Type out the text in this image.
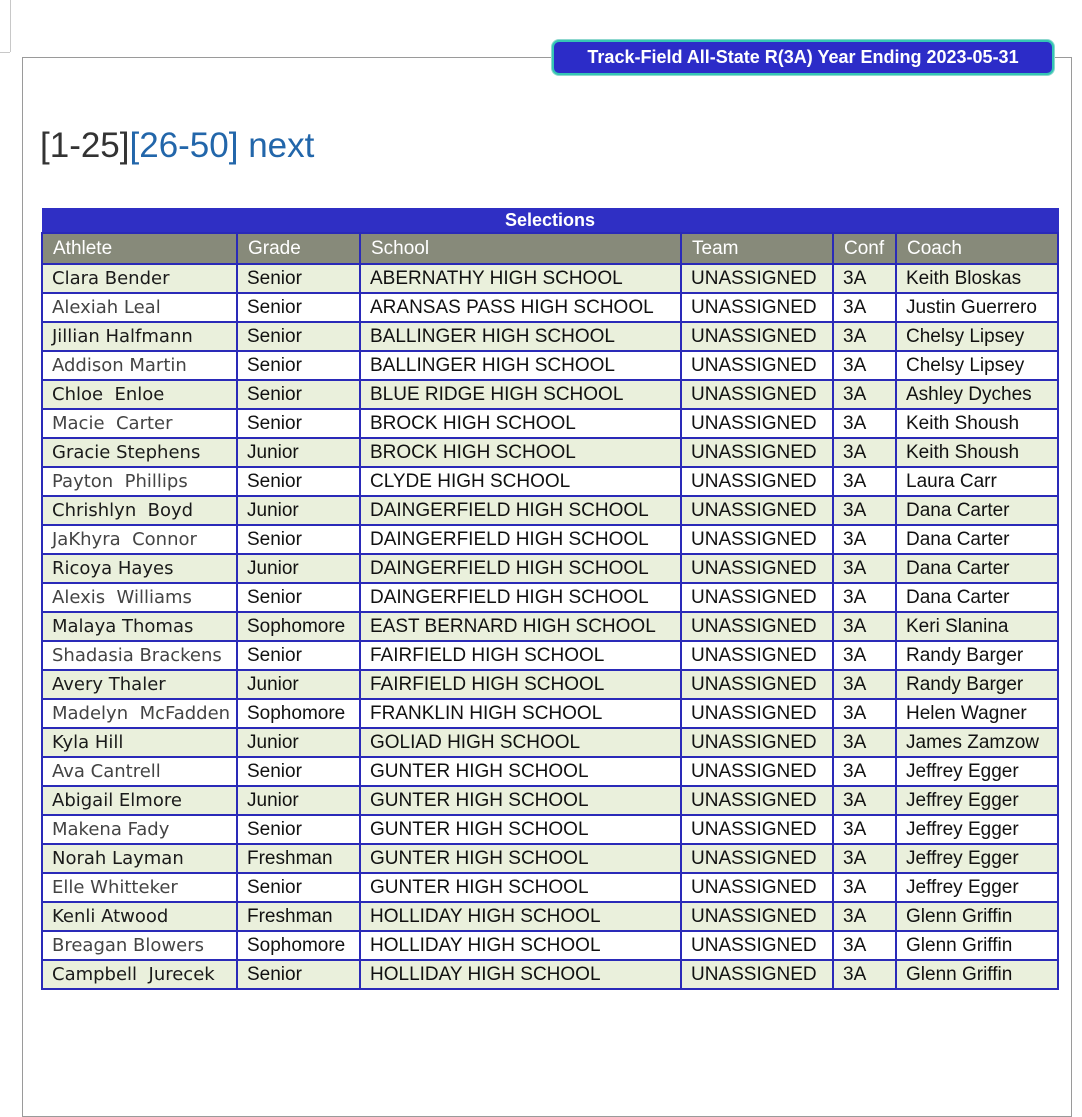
Track-Field All-State R(3A) Year Ending 2023-05-31
[1-25][26-50] next
Selections					
Athlete	Grade	School	Team	Conf	Coach
Clara Bender	Senior	ABERNATHY HIGH SCHOOL	UNASSIGNED	3A	Keith Bloskas
Alexiah Leal	Senior	ARANSAS PASS HIGH SCHOOL	UNASSIGNED	3A	Justin Guerrero
Jillian Halfmann	Senior	BALLINGER HIGH SCHOOL	UNASSIGNED	3A	Chelsy Lipsey
Addison Martin	Senior	BALLINGER HIGH SCHOOL	UNASSIGNED	3A	Chelsy Lipsey
Chloe  Enloe	Senior	BLUE RIDGE HIGH SCHOOL	UNASSIGNED	3A	Ashley Dyches
Macie  Carter	Senior	BROCK HIGH SCHOOL	UNASSIGNED	3A	Keith Shoush
Gracie Stephens	Junior	BROCK HIGH SCHOOL	UNASSIGNED	3A	Keith Shoush
Payton  Phillips	Senior	CLYDE HIGH SCHOOL	UNASSIGNED	3A	Laura Carr
Chrishlyn  Boyd	Junior	DAINGERFIELD HIGH SCHOOL	UNASSIGNED	3A	Dana Carter
JaKhyra  Connor	Senior	DAINGERFIELD HIGH SCHOOL	UNASSIGNED	3A	Dana Carter
Ricoya Hayes	Junior	DAINGERFIELD HIGH SCHOOL	UNASSIGNED	3A	Dana Carter
Alexis  Williams	Senior	DAINGERFIELD HIGH SCHOOL	UNASSIGNED	3A	Dana Carter
Malaya Thomas	Sophomore	EAST BERNARD HIGH SCHOOL	UNASSIGNED	3A	Keri Slanina
Shadasia Brackens	Senior	FAIRFIELD HIGH SCHOOL	UNASSIGNED	3A	Randy Barger
Avery Thaler	Junior	FAIRFIELD HIGH SCHOOL	UNASSIGNED	3A	Randy Barger
Madelyn  McFadden	Sophomore	FRANKLIN HIGH SCHOOL	UNASSIGNED	3A	Helen Wagner
Kyla Hill	Junior	GOLIAD HIGH SCHOOL	UNASSIGNED	3A	James Zamzow
Ava Cantrell	Senior	GUNTER HIGH SCHOOL	UNASSIGNED	3A	Jeffrey Egger
Abigail Elmore	Junior	GUNTER HIGH SCHOOL	UNASSIGNED	3A	Jeffrey Egger
Makena Fady	Senior	GUNTER HIGH SCHOOL	UNASSIGNED	3A	Jeffrey Egger
Norah Layman	Freshman	GUNTER HIGH SCHOOL	UNASSIGNED	3A	Jeffrey Egger
Elle Whitteker	Senior	GUNTER HIGH SCHOOL	UNASSIGNED	3A	Jeffrey Egger
Kenli Atwood	Freshman	HOLLIDAY HIGH SCHOOL	UNASSIGNED	3A	Glenn Griffin
Breagan Blowers	Sophomore	HOLLIDAY HIGH SCHOOL	UNASSIGNED	3A	Glenn Griffin
Campbell  Jurecek	Senior	HOLLIDAY HIGH SCHOOL	UNASSIGNED	3A	Glenn Griffin
